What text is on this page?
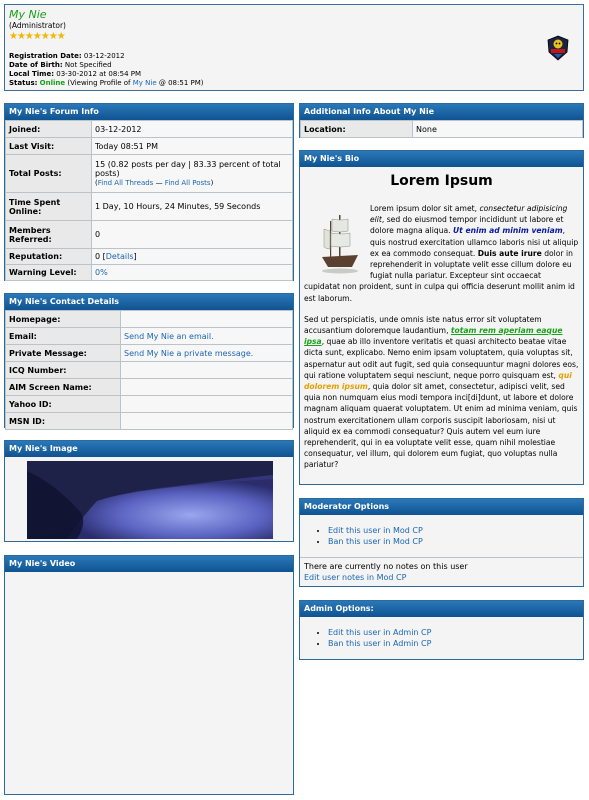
My Nie
(Administrator)
★★★★★★★
Registration Date: 03-12-2012
Date of Birth: Not Specified
Local Time: 03-30-2012 at 08:54 PM
Status: Online (Viewing Profile of My Nie @ 08:51 PM)
My Nie's Forum Info
Joined:	03-12-2012
Last Visit:	Today 08:51 PM
Total Posts:	15 (0.82 posts per day | 83.33 percent of total posts)
(Find All Threads — Find All Posts)
Time Spent Online:	1 Day, 10 Hours, 24 Minutes, 59 Seconds
Members Referred:	0
Reputation:	0 [Details]
Warning Level:	0%
My Nie's Contact Details
Homepage:	
Email:	Send My Nie an email.
Private Message:	Send My Nie a private message.
ICQ Number:	
AIM Screen Name:	
Yahoo ID:	
MSN ID:	
My Nie's Image
My Nie's Video
Additional Info About My Nie
Location:	None
My Nie's Bio
Lorem Ipsum

Lorem ipsum dolor sit amet, consectetur adipisicing elit, sed do eiusmod tempor incididunt ut labore et dolore magna aliqua. Ut enim ad minim veniam, quis nostrud exercitation ullamco laboris nisi ut aliquip ex ea commodo consequat. Duis aute irure dolor in reprehenderit in voluptate velit esse cillum dolore eu fugiat nulla pariatur. Excepteur sint occaecat cupidatat non proident, sunt in culpa qui officia deserunt mollit anim id est laborum.

Sed ut perspiciatis, unde omnis iste natus error sit voluptatem accusantium doloremque laudantium, totam rem aperiam eaque ipsa, quae ab illo inventore veritatis et quasi architecto beatae vitae dicta sunt, explicabo. Nemo enim ipsam voluptatem, quia voluptas sit, aspernatur aut odit aut fugit, sed quia consequuntur magni dolores eos, qui ratione voluptatem sequi nesciunt, neque porro quisquam est, qui dolorem ipsum, quia dolor sit amet, consectetur, adipisci velit, sed quia non numquam eius modi tempora inci[di]dunt, ut labore et dolore magnam aliquam quaerat voluptatem. Ut enim ad minima veniam, quis nostrum exercitationem ullam corporis suscipit laboriosam, nisi ut aliquid ex ea commodi consequatur? Quis autem vel eum iure reprehenderit, qui in ea voluptate velit esse, quam nihil molestiae consequatur, vel illum, qui dolorem eum fugiat, quo voluptas nulla pariatur?

Moderator Options
• Edit this user in Mod CP
• Ban this user in Mod CP
There are currently no notes on this user
Edit user notes in Mod CP
Admin Options:
• Edit this user in Admin CP
• Ban this user in Admin CP
